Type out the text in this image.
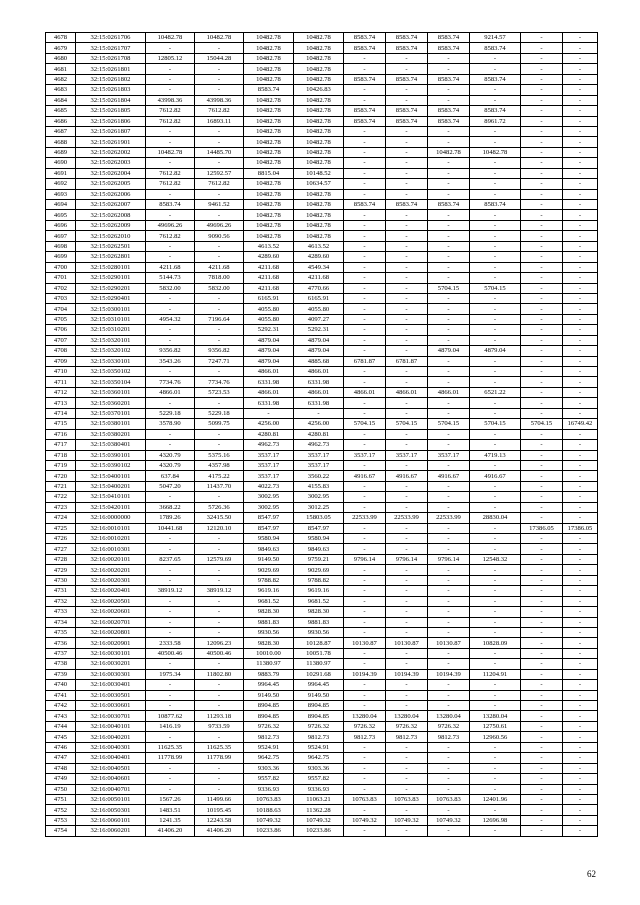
4678	32:15:0261706	10482.78	10482.78	10482.78	10482.78	8583.74	8583.74	8583.74	9214.57	-	-
4679	32:15:0261707	-	-	10482.78	10482.78	8583.74	8583.74	8583.74	8583.74	-	-
4680	32:15:0261708	12805.12	15044.28	10482.78	10482.78	-	-	-	-	-	-
4681	32:15:0261801	-	-	10482.78	10482.78	-	-	-	-	-	-
4682	32:15:0261802	-	-	10482.78	10482.78	8583.74	8583.74	8583.74	8583.74	-	-
4683	32:15:0261803	-	-	8583.74	10426.83	-	-	-	-	-	-
4684	32:15:0261804	43998.36	43998.36	10482.78	10482.78	-	-	-	-	-	-
4685	32:15:0261805	7612.82	7612.82	10482.78	10482.78	8583.74	8583.74	8583.74	8583.74	-	-
4686	32:15:0261806	7612.82	16893.11	10482.78	10482.78	8583.74	8583.74	8583.74	8961.72	-	-
4687	32:15:0261807	-	-	10482.78	10482.78	-	-	-	-	-	-
4688	32:15:0261901	-	-	10482.78	10482.78	-	-	-	-	-	-
4689	32:15:0262002	10482.78	14485.70	10482.78	10482.78	-	-	10482.78	10482.78	-	-
4690	32:15:0262003	-	-	10482.78	10482.78	-	-	-	-	-	-
4691	32:15:0262004	7612.82	12592.57	8815.04	10148.52	-	-	-	-	-	-
4692	32:15:0262005	7612.82	7612.82	10482.78	10634.57	-	-	-	-	-	-
4693	32:15:0262006	-	-	10482.78	10482.78	-	-	-	-	-	-
4694	32:15:0262007	8583.74	9461.52	10482.78	10482.78	8583.74	8583.74	8583.74	8583.74	-	-
4695	32:15:0262008	-	-	10482.78	10482.78	-	-	-	-	-	-
4696	32:15:0262009	49696.26	49696.26	10482.78	10482.78	-	-	-	-	-	-
4697	32:15:0262010	7612.82	9090.56	10482.78	10482.78	-	-	-	-	-	-
4698	32:15:0262501	-	-	4613.52	4613.52	-	-	-	-	-	-
4699	32:15:0262801	-	-	4289.60	4289.60	-	-	-	-	-	-
4700	32:15:0280101	4211.68	4211.68	4211.68	4549.34	-	-	-	-	-	-
4701	32:15:0290101	5144.73	7818.00	4211.68	4211.68	-	-	-	-	-	-
4702	32:15:0290201	5832.00	5832.00	4211.68	4770.66	-	-	5704.15	5704.15	-	-
4703	32:15:0290401	-	-	6165.91	6165.91	-	-	-	-	-	-
4704	32:15:0300101	-	-	4055.80	4055.80	-	-	-	-	-	-
4705	32:15:0310101	4954.32	7196.64	4055.80	4097.27	-	-	-	-	-	-
4706	32:15:0310201	-	-	5292.31	5292.31	-	-	-	-	-	-
4707	32:15:0320101	-	-	4879.04	4879.04	-	-	-	-	-	-
4708	32:15:0320102	9356.82	9356.82	4879.04	4879.04	-	-	4879.04	4879.04	-	-
4709	32:15:0330101	3543.26	7247.71	4879.04	4885.68	6781.87	6781.87	-	-	-	-
4710	32:15:0350102	-	-	4866.01	4866.01	-	-	-	-	-	-
4711	32:15:0350104	7734.76	7734.76	6331.98	6331.98	-	-	-	-	-	-
4712	32:15:0360101	4866.01	5723.53	4866.01	4866.01	4866.01	4866.01	4866.01	6521.22	-	-
4713	32:15:0360201	-	-	6331.98	6331.98	-	-	-	-	-	-
4714	32:15:0370101	5229.18	5229.18	-	-	-	-	-	-	-	-
4715	32:15:0380101	3578.90	5099.75	4256.00	4256.00	5704.15	5704.15	5704.15	5704.15	5704.15	16749.42
4716	32:15:0380201	-	-	4280.81	4280.81	-	-	-	-	-	-
4717	32:15:0380401	-	-	4962.73	4962.73	-	-	-	-	-	-
4718	32:15:0390101	4320.79	5375.16	3537.17	3537.17	3537.17	3537.17	3537.17	4719.13	-	-
4719	32:15:0390102	4320.79	4357.98	3537.17	3537.17	-	-	-	-	-	-
4720	32:15:0400101	637.84	4175.22	3537.17	3560.22	4916.67	4916.67	4916.67	4916.67	-	-
4721	32:15:0400201	5047.20	11437.70	4022.73	4155.83	-	-	-	-	-	-
4722	32:15:0410101	-	-	3002.95	3002.95	-	-	-	-	-	-
4723	32:15:0420101	3668.22	5726.36	3002.95	3012.25	-	-	-	-	-	-
4724	32:16:0000000	1789.26	32415.50	8547.97	15803.05	22533.99	22533.99	22533.99	28830.04	-	-
4725	32:16:0010101	10441.68	12120.10	8547.97	8547.97	-	-	-	-	17386.05	17386.05
4726	32:16:0010201	-	-	9580.94	9580.94	-	-	-	-	-	-
4727	32:16:0010301	-	-	9849.63	9849.63	-	-	-	-	-	-
4728	32:16:0020101	8237.65	12579.69	9149.50	9759.21	9796.14	9796.14	9796.14	12548.32	-	-
4729	32:16:0020201	-	-	9029.69	9029.69	-	-	-	-	-	-
4730	32:16:0020301	-	-	9788.82	9788.82	-	-	-	-	-	-
4731	32:16:0020401	38919.12	38919.12	9619.16	9619.16	-	-	-	-	-	-
4732	32:16:0020501	-	-	9681.52	9681.52	-	-	-	-	-	-
4733	32:16:0020601	-	-	9828.30	9828.30	-	-	-	-	-	-
4734	32:16:0020701	-	-	9881.83	9881.83	-	-	-	-	-	-
4735	32:16:0020801	-	-	9930.56	9930.56	-	-	-	-	-	-
4736	32:16:0020901	2333.58	12096.23	9828.30	10128.87	10130.87	10130.87	10130.87	10828.09	-	-
4737	32:16:0030101	40500.46	40500.46	10010.00	10051.78	-	-	-	-	-	-
4738	32:16:0030201	-	-	11380.97	11380.97	-	-	-	-	-	-
4739	32:16:0030301	1975.34	11802.80	9883.79	10291.68	10194.39	10194.39	10194.39	11204.91	-	-
4740	32:16:0030401	-	-	9964.45	9964.45	-	-	-	-	-	-
4741	32:16:0030501	-	-	9149.50	9149.50	-	-	-	-	-	-
4742	32:16:0030601	-	-	8904.85	8904.85	-	-	-	-	-	-
4743	32:16:0030701	10877.62	11293.18	8904.85	8904.85	13280.04	13280.04	13280.04	13280.04	-	-
4744	32:16:0040101	1416.19	9733.59	9726.32	9726.32	9726.32	9726.32	9726.32	12750.61	-	-
4745	32:16:0040201	-	-	9812.73	9812.73	9812.73	9812.73	9812.73	12960.56	-	-
4746	32:16:0040301	11625.35	11625.35	9524.91	9524.91	-	-	-	-	-	-
4747	32:16:0040401	11778.99	11778.99	9642.75	9642.75	-	-	-	-	-	-
4748	32:16:0040501	-	-	9303.36	9303.36	-	-	-	-	-	-
4749	32:16:0040601	-	-	9557.82	9557.82	-	-	-	-	-	-
4750	32:16:0040701	-	-	9336.93	9336.93	-	-	-	-	-	-
4751	32:16:0050101	1567.26	11499.66	10763.83	11063.21	10763.83	10763.83	10763.83	12401.96	-	-
4752	32:16:0050301	1483.51	10195.45	10188.63	11362.28	-	-	-	-	-	-
4753	32:16:0060101	1241.35	12243.58	10749.32	10749.32	10749.32	10749.32	10749.32	12696.98	-	-
4754	32:16:0060201	41406.20	41406.20	10233.86	10233.86	-	-	-	-	-	-
62
